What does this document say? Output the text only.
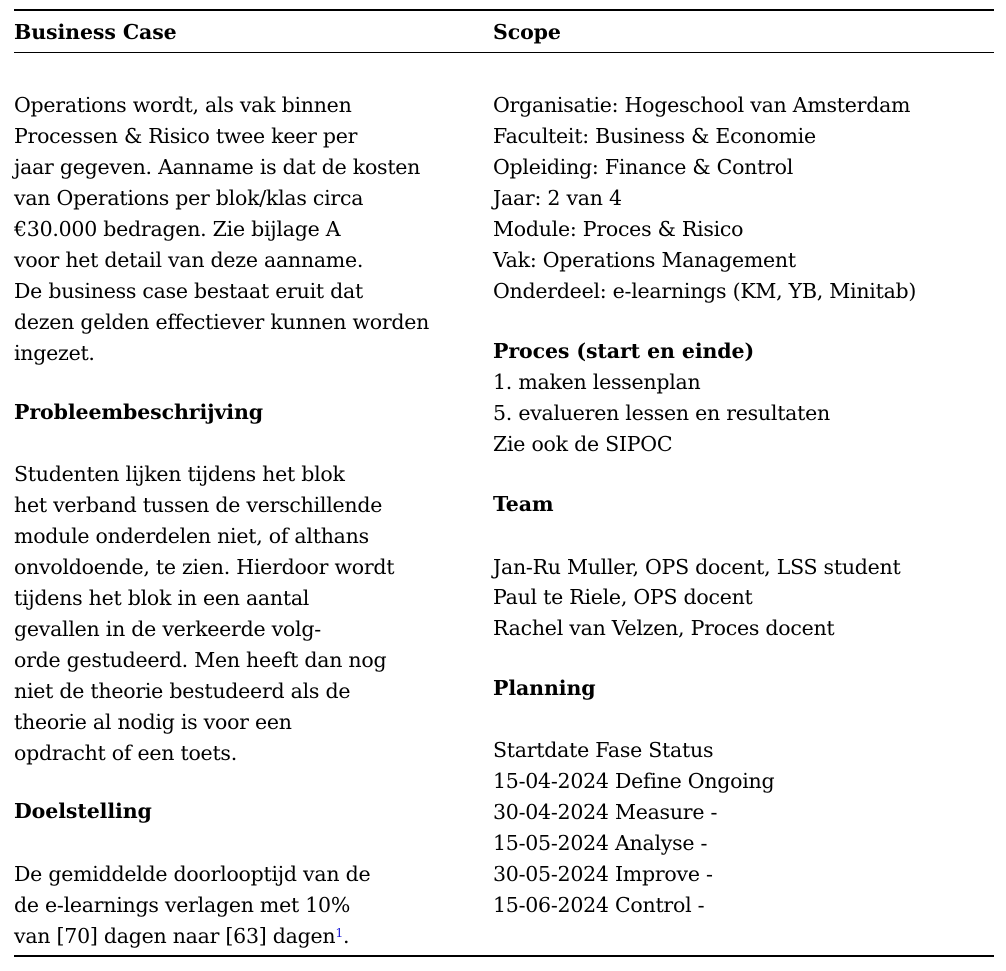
Business Case
Operations wordt, als vak binnen
Processen & Risico twee keer per
jaar gegeven. Aanname is dat de kosten
van Operations per blok/klas circa
€30.000 bedragen. Zie bijlage A
voor het detail van deze aanname.
De business case bestaat eruit dat
dezen gelden effectiever kunnen worden
ingezet.
Probleembeschrijving
Studenten lijken tijdens het blok
het verband tussen de verschillende
module onderdelen niet, of althans
onvoldoende, te zien. Hierdoor wordt
tijdens het blok in een aantal
gevallen in de verkeerde volg-
orde gestudeerd. Men heeft dan nog
niet de theorie bestudeerd als de
theorie al nodig is voor een
opdracht of een toets.
Doelstelling
De gemiddelde doorlooptijd van de
de e-learnings verlagen met 10%
van [70] dagen naar [63] dagen$^1$.
Scope
Organisatie: Hogeschool van Amsterdam
Faculteit: Business & Economie
Opleiding: Finance & Control
Jaar: 2 van 4
Module: Proces & Risico
Vak: Operations Management
Onderdeel: e-learnings (KM, YB, Minitab)
Proces (start en einde)
1. maken lessenplan
5. evalueren lessen en resultaten
Zie ook de SIPOC
Team
Jan-Ru Muller, OPS docent, LSS student
Paul te Riele, OPS docent
Rachel van Velzen, Proces docent
Planning
Startdate Fase Status
15-04-2024 Define Ongoing
30-04-2024 Measure -
15-05-2024 Analyse -
30-05-2024 Improve -
15-06-2024 Control -
